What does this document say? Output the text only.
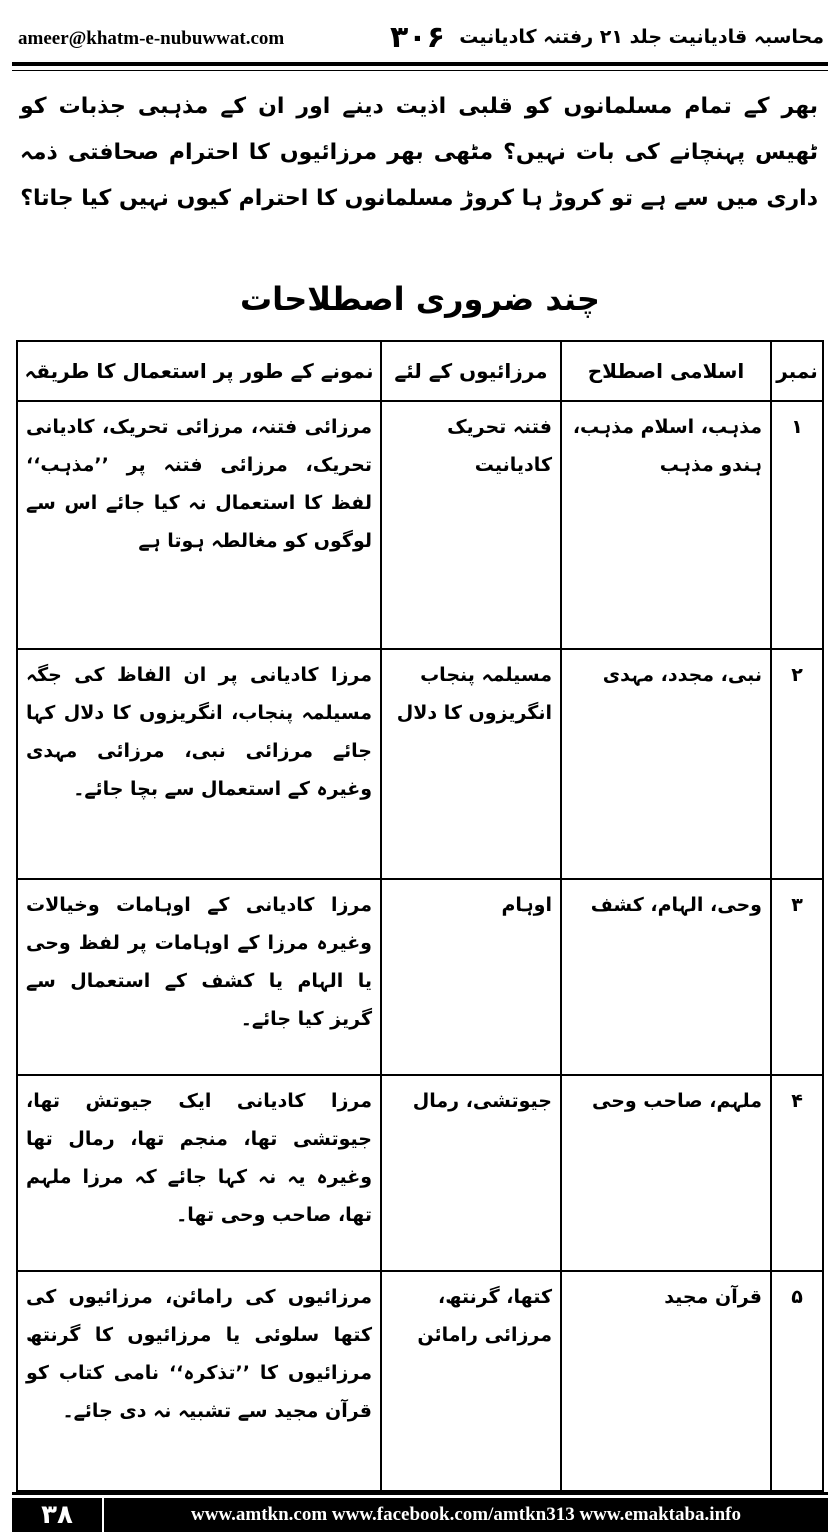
ameer@khatm-e-nubuwwat.com	۳۰۶ محاسبہ قادیانیت جلد ۲۱ رفتنہ کادیانیت

بھر کے تمام مسلمانوں کو قلبی اذیت دینے اور ان کے مذہبی جذبات کو ٹھیس پہنچانے کی بات نہیں؟ مٹھی بھر مرزائیوں کا احترام صحافتی ذمہ داری میں سے ہے تو کروڑ ہا کروڑ مسلمانوں کا احترام کیوں نہیں کیا جاتا؟

چند ضروری اصطلاحات
نمبر	اسلامی اصطلاح	مرزائیوں کے لئے	نمونے کے طور پر استعمال کا طریقہ
۱	مذہب، اسلام مذہب، ہندو مذہب	فتنہ تحریک کادیانیت	مرزائی فتنہ، مرزائی تحریک، کادیانی تحریک، مرزائی فتنہ پر ’’مذہب‘‘ لفظ کا استعمال نہ کیا جائے اس سے لوگوں کو مغالطہ ہوتا ہے
۲	نبی، مجدد، مہدی	مسیلمہ پنجاب انگریزوں کا دلال	مرزا کادیانی پر ان الفاظ کی جگہ مسیلمہ پنجاب، انگریزوں کا دلال کہا جائے مرزائی نبی، مرزائی مہدی وغیرہ کے استعمال سے بچا جائے۔
۳	وحی، الہام، کشف	اوہام	مرزا کادیانی کے اوہامات وخیالات وغیرہ مرزا کے اوہامات پر لفظ وحی یا الہام یا کشف کے استعمال سے گریز کیا جائے۔
۴	ملہم، صاحب وحی	جیوتشی، رمال	مرزا کادیانی ایک جیوتش تھا، جیوتشی تھا، منجم تھا، رمال تھا وغیرہ یہ نہ کہا جائے کہ مرزا ملہم تھا، صاحب وحی تھا۔
۵	قرآن مجید	کتھا، گرنتھ، مرزائی رامائن	مرزائیوں کی رامائن، مرزائیوں کی کتھا سلوئی یا مرزائیوں کا گرنتھ مرزائیوں کا ’’تذکرہ‘‘ نامی کتاب کو قرآن مجید سے تشبیہ نہ دی جائے۔
۳۸	www.amtkn.com www.facebook.com/amtkn313 www.emaktaba.info
